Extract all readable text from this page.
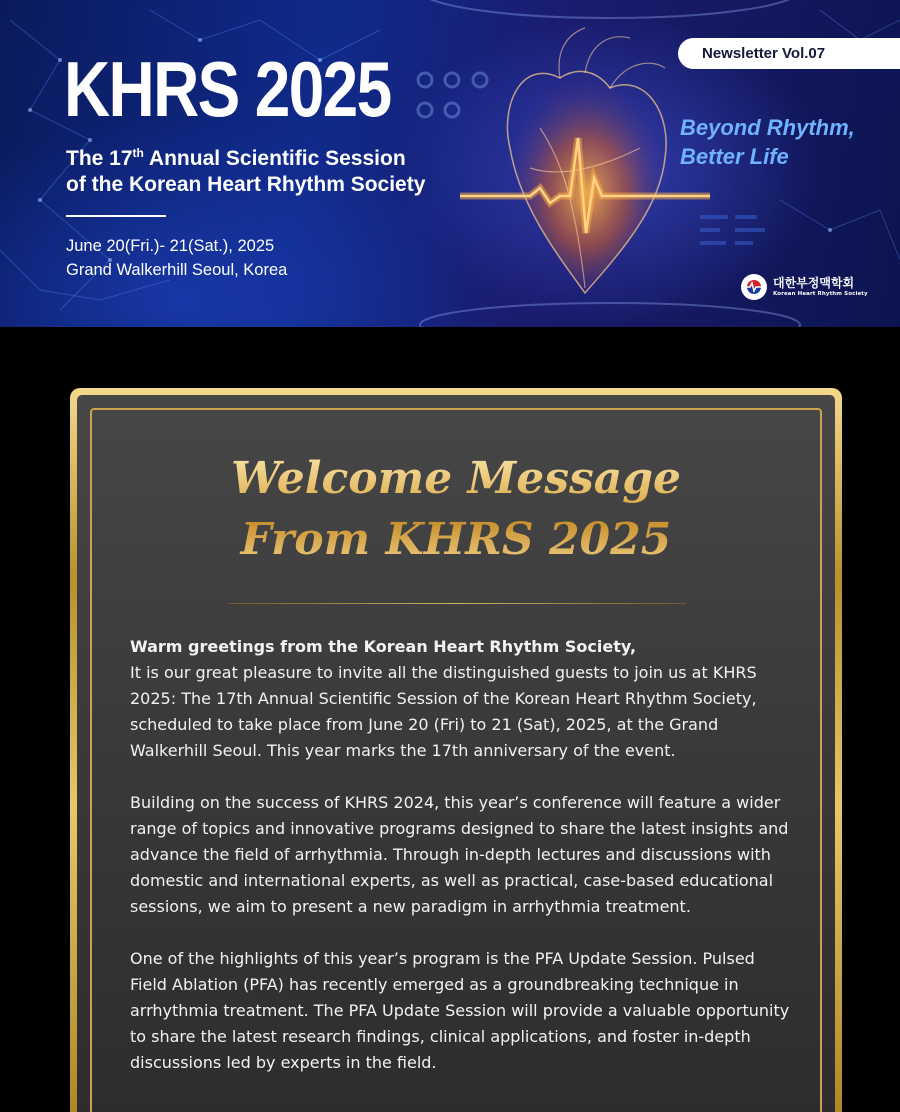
KHRS 2025
The 17th Annual Scientific Session
of the Korean Heart Rhythm Society
June 20(Fri.)- 21(Sat.), 2025
Grand Walkerhill Seoul, Korea
Newsletter Vol.07
Beyond Rhythm,
Better Life
대한부정맥학회
Korean Heart Rhythm Society
Welcome Message
From KHRS 2025
Warm greetings from the Korean Heart Rhythm Society,
It is our great pleasure to invite all the distinguished guests to join us at KHRS 2025: The 17th Annual Scientific Session of the Korean Heart Rhythm Society, scheduled to take place from June 20 (Fri) to 21 (Sat), 2025, at the Grand Walkerhill Seoul. This year marks the 17th anniversary of the event.
Building on the success of KHRS 2024, this year’s conference will feature a wider range of topics and innovative programs designed to share the latest insights and advance the field of arrhythmia. Through in-depth lectures and discussions with domestic and international experts, as well as practical, case-based educational sessions, we aim to present a new paradigm in arrhythmia treatment.
One of the highlights of this year’s program is the PFA Update Session. Pulsed Field Ablation (PFA) has recently emerged as a groundbreaking technique in arrhythmia treatment. The PFA Update Session will provide a valuable opportunity to share the latest research findings, clinical applications, and foster in-depth discussions led by experts in the field.
